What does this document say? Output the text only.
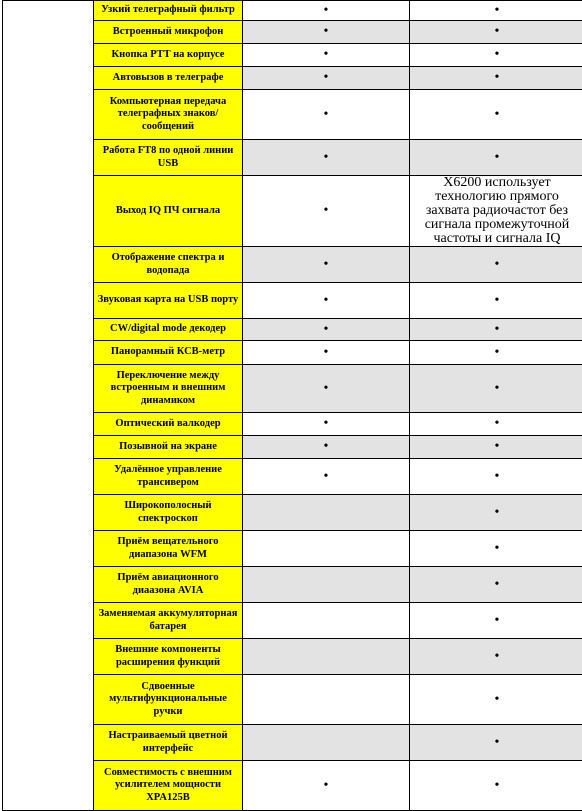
	Узкий телеграфный фильтр	•	•
	Встроенный микрофон	•	•
	Кнопка PTT на корпусе	•	•
	Автовызов в телеграфе	•	•
	Компьютерная передача телеграфных знаков/сообщений	•	•
	Работа FT8 по одной линии USB	•	•
	Выход IQ ПЧ сигнала	•	X6200 использует технологию прямого захвата радиочастот без сигнала промежуточной частоты и сигнала IQ
	Отображение спектра и водопада	•	•
	Звуковая карта на USB порту	•	•
	CW/digital mode декодер	•	•
	Панорамный КСВ-метр	•	•
	Переключение между встроенным и внешним динамиком	•	•
	Оптический валкодер	•	•
	Позывной на экране	•	•
	Удалённое управление трансивером	•	•
	Широкополосный спектроскоп		•
	Приём вещательного диапазона WFM		•
	Приём авиационного диаазона AVIA		•
	Заменяемая аккумуляторная батарея		•
	Внешние компоненты расширения функций		•
	Сдвоенные мультифункциональные ручки		•
	Настраиваемый цветной интерфейс		•
	Совместимость с внешним усилителем мощности XPA125B	•	•
